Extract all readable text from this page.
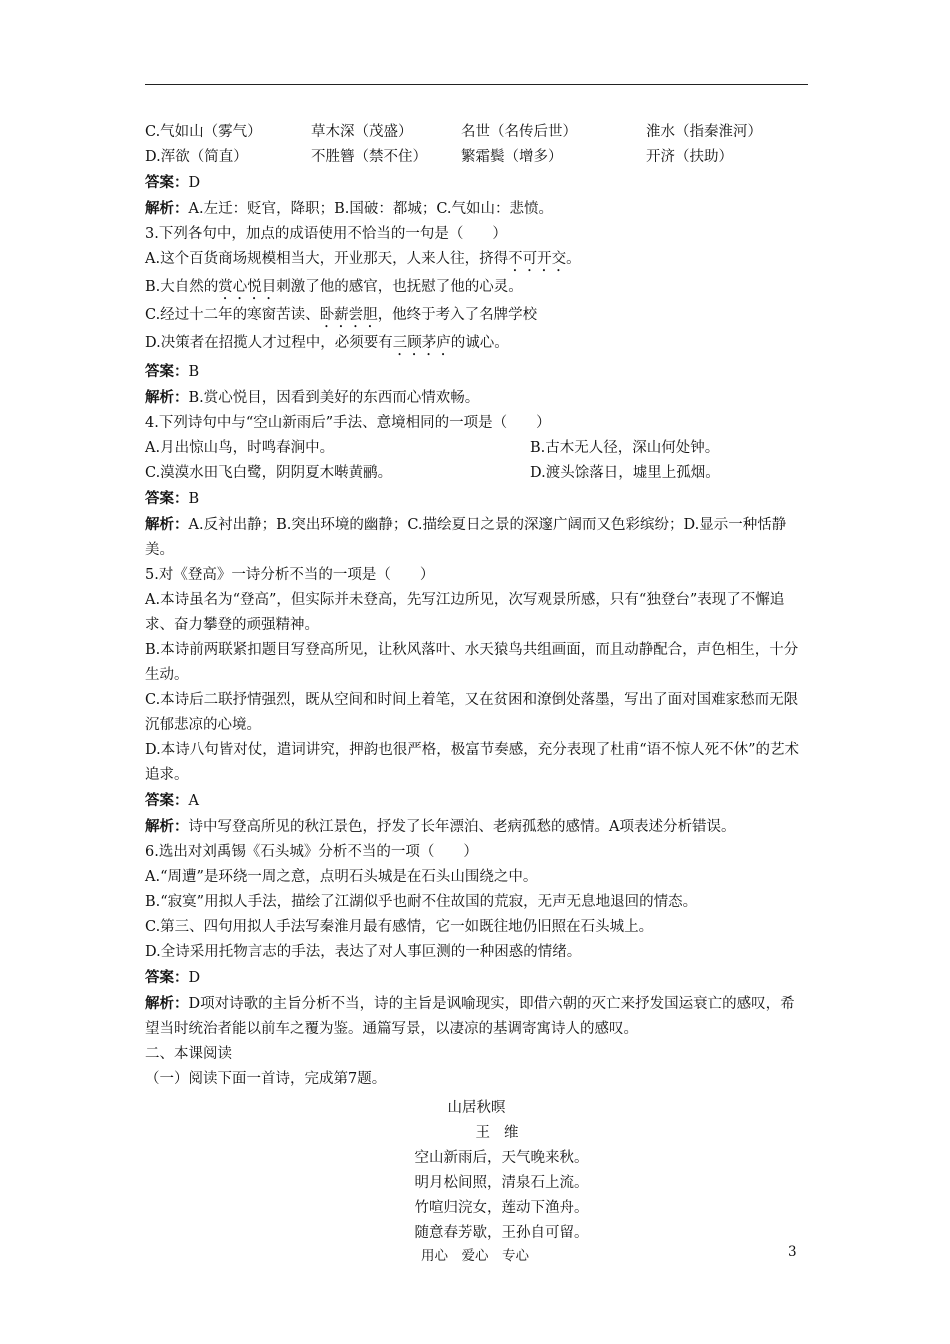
C.气如山（雾气）	草木深（茂盛）	名世（名传后世）	淮水（指秦淮河）
D.浑欲（简直）	不胜簪（禁不住）	繁霜鬓（增多）	开济（扶助）
答案：D
解析：A.左迁：贬官，降职；B.国破：都城；C.气如山：悲愤。
3.下列各句中，加点的成语使用不恰当的一句是（　　）
A.这个百货商场规模相当大，开业那天，人来人往，挤得不可开交。
B.大自然的赏心悦目刺激了他的感官，也抚慰了他的心灵。
C.经过十二年的寒窗苦读、卧薪尝胆，他终于考入了名牌学校
D.决策者在招揽人才过程中，必须要有三顾茅庐的诚心。
答案：B
解析：B.赏心悦目，因看到美好的东西而心情欢畅。
4.下列诗句中与“空山新雨后”手法、意境相同的一项是（　　）
A.月出惊山鸟，时鸣春涧中。	B.古木无人径，深山何处钟。
C.漠漠水田飞白鹭，阴阴夏木啭黄鹂。	D.渡头馀落日，墟里上孤烟。
答案：B
解析：A.反衬出静；B.突出环境的幽静；C.描绘夏日之景的深邃广阔而又色彩缤纷；D.显示一种恬静美。
5.对《登高》一诗分析不当的一项是（　　）
A.本诗虽名为“登高”，但实际并未登高，先写江边所见，次写观景所感，只有“独登台”表现了不懈追求、奋力攀登的顽强精神。
B.本诗前两联紧扣题目写登高所见，让秋风落叶、水天猿鸟共组画面，而且动静配合，声色相生，十分生动。
C.本诗后二联抒情强烈，既从空间和时间上着笔，又在贫困和潦倒处落墨，写出了面对国难家愁而无限沉郁悲凉的心境。
D.本诗八句皆对仗，遣词讲究，押韵也很严格，极富节奏感，充分表现了杜甫“语不惊人死不休”的艺术追求。
答案：A
解析：诗中写登高所见的秋江景色，抒发了长年漂泊、老病孤愁的感情。A项表述分析错误。
6.选出对刘禹锡《石头城》分析不当的一项（　　）
A.“周遭”是环绕一周之意，点明石头城是在石头山围绕之中。
B.“寂寞”用拟人手法，描绘了江湖似乎也耐不住故国的荒寂，无声无息地退回的情态。
C.第三、四句用拟人手法写秦淮月最有感情，它一如既往地仍旧照在石头城上。
D.全诗采用托物言志的手法，表达了对人事叵测的一种困惑的情绪。
答案：D
解析：D项对诗歌的主旨分析不当，诗的主旨是讽喻现实，即借六朝的灭亡来抒发国运衰亡的感叹，希望当时统治者能以前车之覆为鉴。通篇写景，以凄凉的基调寄寓诗人的感叹。
二、本课阅读
（一）阅读下面一首诗，完成第7题。
山居秋暝
王维
空山新雨后，天气晚来秋。
明月松间照，清泉石上流。
竹喧归浣女，莲动下渔舟。
随意春芳歇，王孙自可留。
用心　爱心　专心	3
